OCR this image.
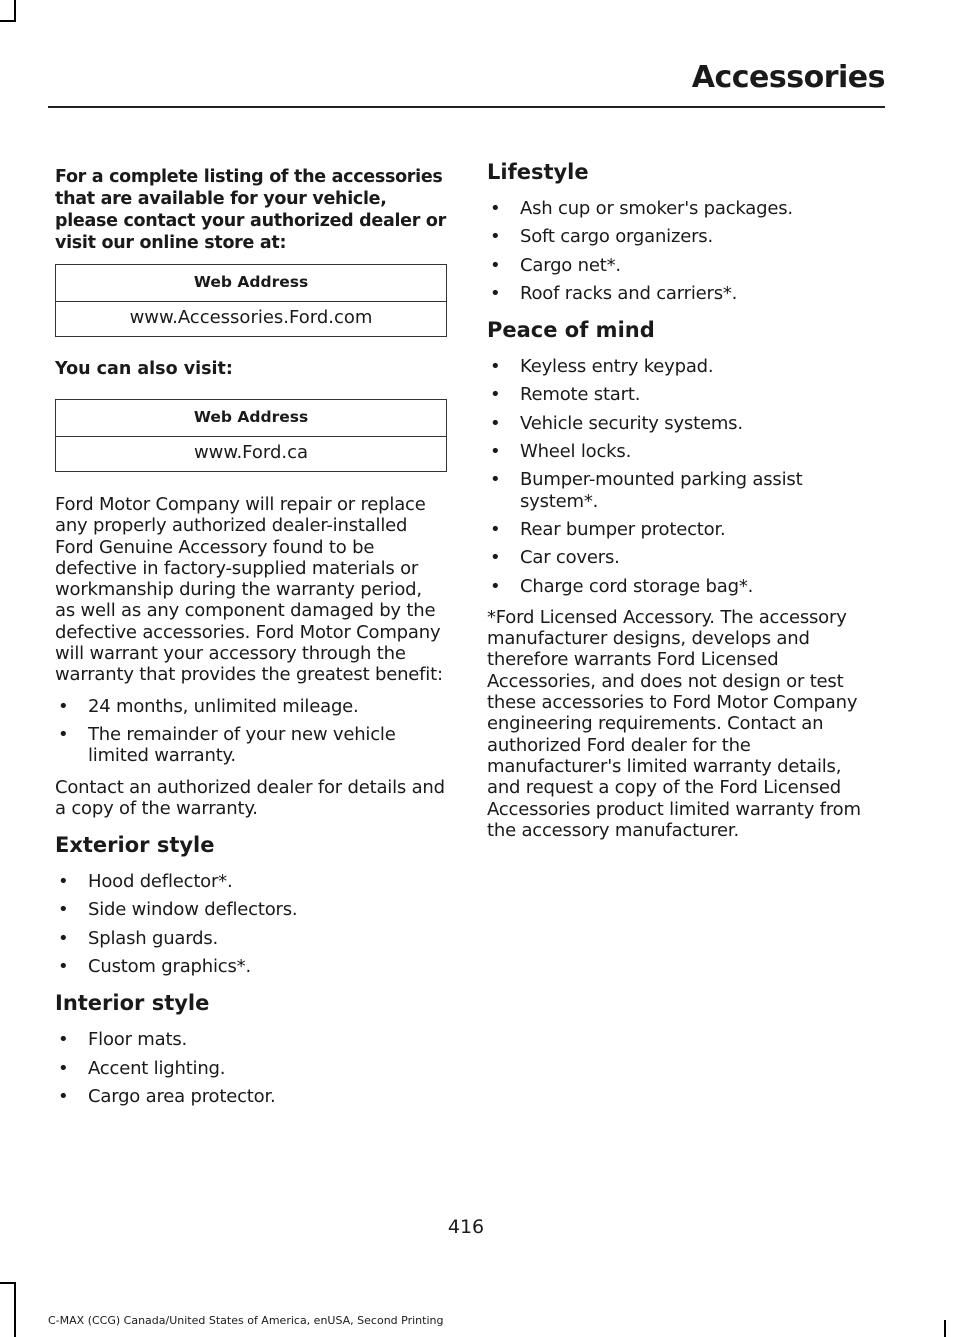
Accessories
For a complete listing of the accessories that are available for your vehicle, please contact your authorized dealer or visit our online store at:
Web Address
www.Accessories.Ford.com
You can also visit:
Web Address
www.Ford.ca

Ford Motor Company will repair or replace any properly authorized dealer-installed Ford Genuine Accessory found to be defective in factory-supplied materials or workmanship during the warranty period, as well as any component damaged by the defective accessories. Ford Motor Company will warrant your accessory through the warranty that provides the greatest benefit:

• 24 months, unlimited mileage.
• The remainder of your new vehicle limited warranty.

Contact an authorized dealer for details and a copy of the warranty.

Exterior style
• Hood deflector*.
• Side window deflectors.
• Splash guards.
• Custom graphics*.
Interior style
• Floor mats.
• Accent lighting.
• Cargo area protector.
Lifestyle
• Ash cup or smoker's packages.
• Soft cargo organizers.
• Cargo net*.
• Roof racks and carriers*.
Peace of mind
• Keyless entry keypad.
• Remote start.
• Vehicle security systems.
• Wheel locks.
• Bumper-mounted parking assist system*.
• Rear bumper protector.
• Car covers.
• Charge cord storage bag*.

*Ford Licensed Accessory. The accessory manufacturer designs, develops and therefore warrants Ford Licensed Accessories, and does not design or test these accessories to Ford Motor Company engineering requirements. Contact an authorized Ford dealer for the manufacturer's limited warranty details, and request a copy of the Ford Licensed Accessories product limited warranty from the accessory manufacturer.

416
C-MAX (CCG) Canada/United States of America, enUSA, Second Printing
